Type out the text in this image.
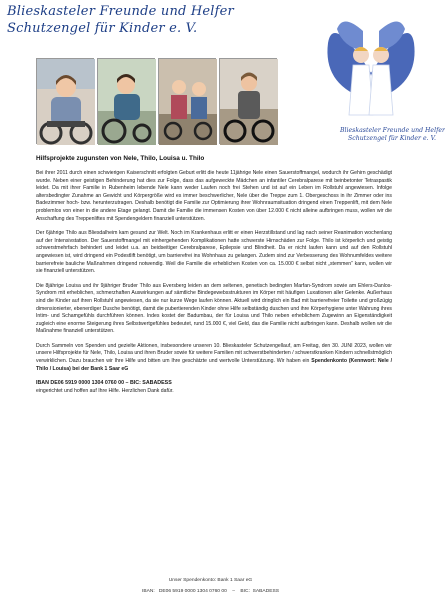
Blieskasteler Freunde und Helfer
Schutzengel für Kinder e. V.
Blieskasteler Freunde und Helfer
Schutzengel für Kinder e. V.
Hilfsprojekte zugunsten von Nele, Thilo, Louisa u. Thilo

Bei ihrer 2011 durch einen schwierigen Kaiserschnitt erfolgten Geburt erlitt die heute 11jährige Nele einen Sauerstoffmangel, wodurch ihr Gehirn geschädigt wurde. Neben einer geistigen Behinderung hat dies zur Folge, dass das aufgeweckte Mädchen an infantiler Cerebralparese mit beinbetonter Tetraspastik leidet. Da mit ihrer Familie in Rubenheim lebende Nele kann weder Laufen noch frei Stehen und ist auf ein Leben im Rollstuhl angewiesen. Infolge altersbedingter Zunahme an Gewicht und Körpergröße wird es immer beschwerlicher, Nele über die Treppe zum 1. Obergeschoss in ihr Zimmer oder ins Badezimmer hoch- bzw. herunterzutragen. Deshalb benötigt die Familie zur Optimierung ihrer Wohnraumsituation dringend einen Treppenlift, mit dem Nele problemlos von einer in die andere Etage gelangt. Damit die Familie die immensen Kosten von über 12.000 € nicht alleine aufbringen muss, wollen wir die Anschaffung des Treppenliftes mit Spendengeldern finanziell unterstützen.

Der 6jährige Thilo aus Bliesdalheim kam gesund zur Welt. Noch im Krankenhaus erlitt er einen Herzstillstand und lag nach seiner Reanimation wochenlang auf der Intensivstation. Der Sauerstoffmangel mit einhergehenden Komplikationen hatte schwerste Hirnschäden zur Folge. Thilo ist körperlich und geistig schwerstmehrfach behindert und leidet u.a. an beidseitiger Cerebralparese, Epilepsie und Blindheit. Da er nicht laufen kann und auf den Rollstuhl angewiesen ist, wird dringend ein Podestlift benötigt, um barrierefrei ins Wohnhaus zu gelangen. Zudem sind zur Verbesserung des Wohnumfeldes weitere barrierefreie bauliche Maßnahmen dringend notwendig. Weil die Familie die erheblichen Kosten von ca. 15.000 € selbst nicht „stemmen“ kann, wollen wir sie finanziell unterstützen.

Die 8jährige Louisa und ihr 9jähriger Bruder Thilo aus Eversberg leiden an dem seltenen, genetisch bedingten Marfan-Syndrom sowie am Ehlers-Danlos-Syndrom mit erheblichen, schmerzhaften Auswirkungen auf sämtliche Bindegewebsstrukturen im Körper mit häufigen Luxationen aller Gelenke. Außerhaus sind die Kinder auf ihren Rollstuhl angewiesen, da sie nur kurze Wege laufen können. Aktuell wird dringlich ein Bad mit barrierefreier Toilette und großzügig dimensionierter, ebenerdiger Dusche benötigt, damit die pubertierenden Kinder ohne Hilfe selbständig duschen und ihre Körperhygiene unter Wahrung ihres Intim- und Schamgefühls durchführen können. Indes kostet der Badumbau, der für Louisa und Thilo neben erheblichem Zugewinn an Eigenständigkeit zugleich eine enorme Steigerung ihres Selbstwertgefühles bedeutet, rund 15.000 €, viel Geld, das die Familie nicht aufbringen kann. Deshalb wollen wir die Maßnahme finanziell unterstützen.

Durch Sammeln von Spenden und gezielte Aktionen, insbesondere unseren 10. Blieskasteler Schutzengellauf, am Freitag, den 30. JUNI 2023, wollen wir unsere Hilfsprojekte für Nele, Thilo, Louisa und ihren Bruder sowie für weitere Familien mit schwerstbehinderten / schwerstkranken Kindern schnellstmöglich verwirklichen. Dazu brauchen wir Ihre Hilfe und bitten um Ihre geschätzte und wertvolle Unterstützung. Wir haben ein Spendenkonto (Kennwort: Nele / Thilo / Louisa) bei der Bank 1 Saar eG

IBAN DE06 5919 0000 1304 0760 00 – BIC: SABADESS
eingerichtet und hoffen auf Ihre Hilfe. Herzlichen Dank dafür.
Unser Spendenkonto: Bank 1 Saar eG
IBAN:   DE06 5919 0000 1304 0760 00    –    BIC:  SABADESS
